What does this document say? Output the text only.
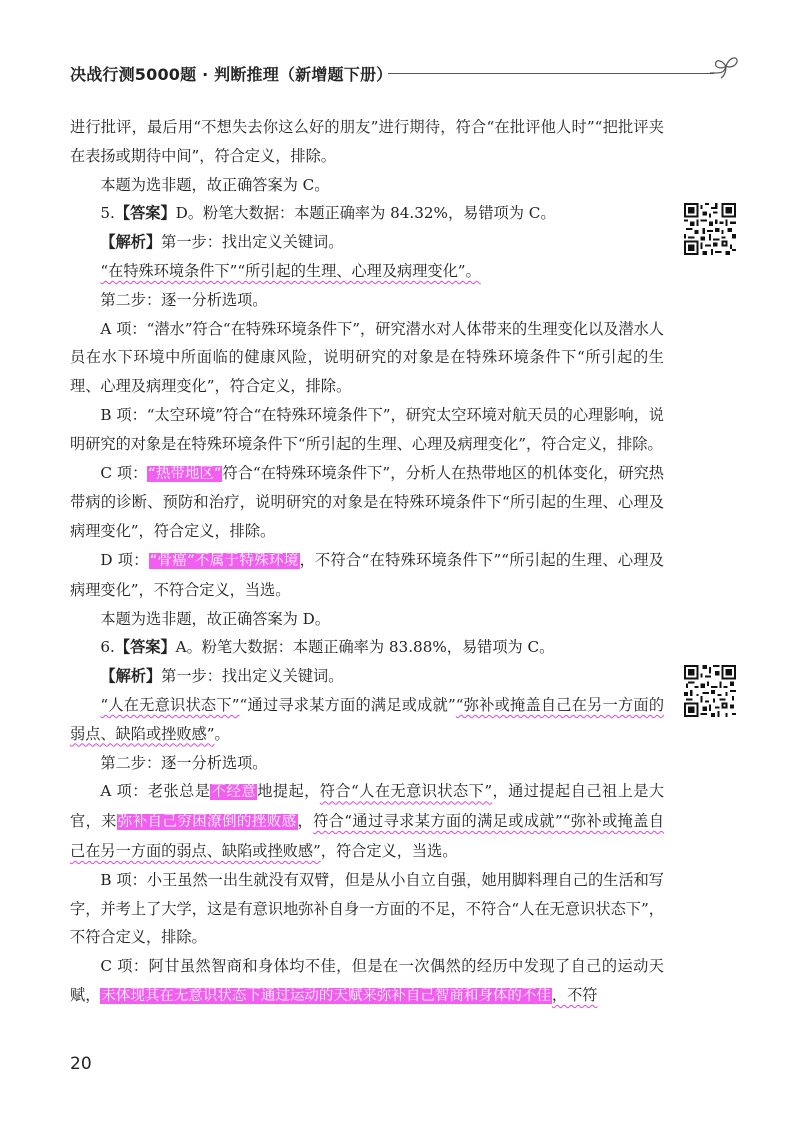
决战行测5000题 · 判断推理（新增题下册）

进行批评，最后用“不想失去你这么好的朋友”进行期待，符合“在批评他人时”“把批评夹在表扬或期待中间”，符合定义，排除。

本题为选非题，故正确答案为 C。

5.【答案】D。粉笔大数据：本题正确率为 84.32%，易错项为 C。

【解析】第一步：找出定义关键词。

“在特殊环境条件下”“所引起的生理、心理及病理变化”。

第二步：逐一分析选项。

A 项：“潜水”符合“在特殊环境条件下”，研究潜水对人体带来的生理变化以及潜水人员在水下环境中所面临的健康风险，说明研究的对象是在特殊环境条件下“所引起的生理、心理及病理变化”，符合定义，排除。

B 项：“太空环境”符合“在特殊环境条件下”，研究太空环境对航天员的心理影响，说明研究的对象是在特殊环境条件下“所引起的生理、心理及病理变化”，符合定义，排除。

C 项：“热带地区”符合“在特殊环境条件下”，分析人在热带地区的机体变化，研究热带病的诊断、预防和治疗，说明研究的对象是在特殊环境条件下“所引起的生理、心理及病理变化”，符合定义，排除。

D 项：“骨癌”不属于特殊环境，不符合“在特殊环境条件下”“所引起的生理、心理及病理变化”，不符合定义，当选。

本题为选非题，故正确答案为 D。

6.【答案】A。粉笔大数据：本题正确率为 83.88%，易错项为 C。

【解析】第一步：找出定义关键词。

“人在无意识状态下”“通过寻求某方面的满足或成就”“弥补或掩盖自己在另一方面的弱点、缺陷或挫败感”。

第二步：逐一分析选项。

A 项：老张总是不经意地提起，符合“人在无意识状态下”，通过提起自己祖上是大官，来弥补自己穷困潦倒的挫败感，符合“通过寻求某方面的满足或成就”“弥补或掩盖自己在另一方面的弱点、缺陷或挫败感”，符合定义，当选。

B 项：小王虽然一出生就没有双臂，但是从小自立自强，她用脚料理自己的生活和写字，并考上了大学，这是有意识地弥补自身一方面的不足，不符合“人在无意识状态下”，不符合定义，排除。

C 项：阿甘虽然智商和身体均不佳，但是在一次偶然的经历中发现了自己的运动天赋，未体现其在无意识状态下通过运动的天赋来弥补自己智商和身体的不佳，不符

20
